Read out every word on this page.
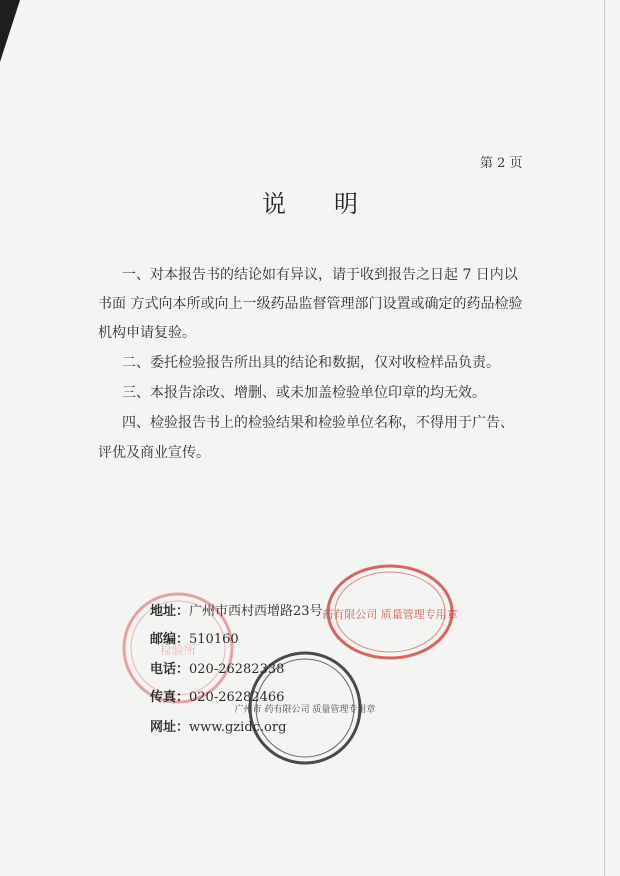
第 2 页
说明
一、对本报告书的结论如有异议，请于收到报告之日起 7 日内以
书面 方式向本所或向上一级药品监督管理部门设置或确定的药品检验
机构申请复验。
二、委托检验报告所出具的结论和数据，仅对收检样品负责。
三、本报告涂改、增删、或未加盖检验单位印章的均无效。
四、检验报告书上的检验结果和检验单位名称，不得用于广告、
评优及商业宣传。
检验所
药有限公司 质量管理专用章
广州市 药有限公司 质量管理专用章
地址：广州市西村西增路23号
邮编：510160
电话：020-26282338
传真：020-26282466
网址：www.gzidc.org
